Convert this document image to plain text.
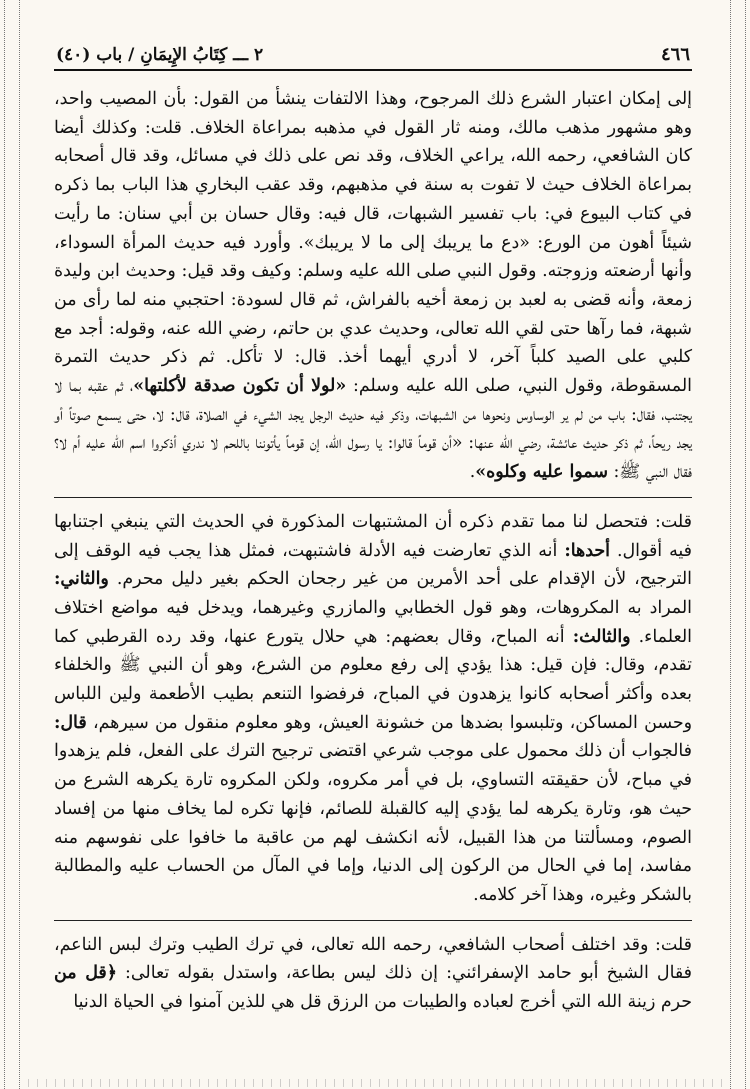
٤٦٦
٢ ـــ كِتَابُ الإِيمَانِ / باب (٤٠)

إلى إمكان اعتبار الشرع ذلك المرجوح، وهذا الالتفات ينشأ من القول: بأن المصيب واحد، وهو مشهور مذهب مالك، ومنه ثار القول في مذهبه بمراعاة الخلاف. قلت: وكذلك أيضا كان الشافعي، رحمه الله، يراعي الخلاف، وقد نص على ذلك في مسائل، وقد قال أصحابه بمراعاة الخلاف حيث لا تفوت به سنة في مذهبهم، وقد عقب البخاري هذا الباب بما ذكره في كتاب البيوع في: باب تفسير الشبهات، قال فيه: وقال حسان بن أبي سنان: ما رأيت شيئاً أهون من الورع: «دع ما يريبك إلى ما لا يريبك». وأورد فيه حديث المرأة السوداء، وأنها أرضعته وزوجته. وقول النبي صلى الله عليه وسلم: وكيف وقد قيل: وحديث ابن وليدة زمعة، وأنه قضى به لعبد بن زمعة أخيه بالفراش، ثم قال لسودة: احتجبي منه لما رأى من شبهة، فما رآها حتى لقي الله تعالى، وحديث عدي بن حاتم، رضي الله عنه، وقوله: أجد مع كلبي على الصيد كلباً آخر، لا أدري أيهما أخذ. قال: لا تأكل. ثم ذكر حديث التمرة المسقوطة، وقول النبي، صلى الله عليه وسلم: «لولا أن تكون صدقة لأكلتها»، ثم عقبه بما لا يجتنب، فقال: باب من لم ير الوساوس ونحوها من الشبهات، وذكر فيه حديث الرجل يجد الشيء في الصلاة، قال: لا، حتى يسمع صوتاً أو يجد ريحاً، ثم ذكر حديث عائشة، رضي الله عنها: «أن قوماً قالوا: يا رسول الله، إن قوماً يأتوننا باللحم لا ندري أذكروا اسم الله عليه أم لا؟ فقال النبي ﷺ: سموا عليه وكلوه».

قلت: فتحصل لنا مما تقدم ذكره أن المشتبهات المذكورة في الحديث التي ينبغي اجتنابها فيه أقوال. أحدها: أنه الذي تعارضت فيه الأدلة فاشتبهت، فمثل هذا يجب فيه الوقف إلى الترجيح، لأن الإقدام على أحد الأمرين من غير رجحان الحكم بغير دليل محرم. والثاني: المراد به المكروهات، وهو قول الخطابي والمازري وغيرهما، ويدخل فيه مواضع اختلاف العلماء. والثالث: أنه المباح، وقال بعضهم: هي حلال يتورع عنها، وقد رده القرطبي كما تقدم، وقال: فإن قيل: هذا يؤدي إلى رفع معلوم من الشرع، وهو أن النبي ﷺ والخلفاء بعده وأكثر أصحابه كانوا يزهدون في المباح، فرفضوا التنعم بطيب الأطعمة ولين اللباس وحسن المساكن، وتلبسوا بضدها من خشونة العيش، وهو معلوم منقول من سيرهم، قال: فالجواب أن ذلك محمول على موجب شرعي اقتضى ترجيح الترك على الفعل، فلم يزهدوا في مباح، لأن حقيقته التساوي، بل في أمر مكروه، ولكن المكروه تارة يكرهه الشرع من حيث هو، وتارة يكرهه لما يؤدي إليه كالقبلة للصائم، فإنها تكره لما يخاف منها من إفساد الصوم، ومسألتنا من هذا القبيل، لأنه انكشف لهم من عاقبة ما خافوا على نفوسهم منه مفاسد، إما في الحال من الركون إلى الدنيا، وإما في المآل من الحساب عليه والمطالبة بالشكر وغيره، وهذا آخر كلامه.

قلت: وقد اختلف أصحاب الشافعي، رحمه الله تعالى، في ترك الطيب وترك لبس الناعم، فقال الشيخ أبو حامد الإسفرائني: إن ذلك ليس بطاعة، واستدل بقوله تعالى: ﴿قل من حرم زينة الله التي أخرج لعباده والطيبات من الرزق قل هي للذين آمنوا في الحياة الدنيا
